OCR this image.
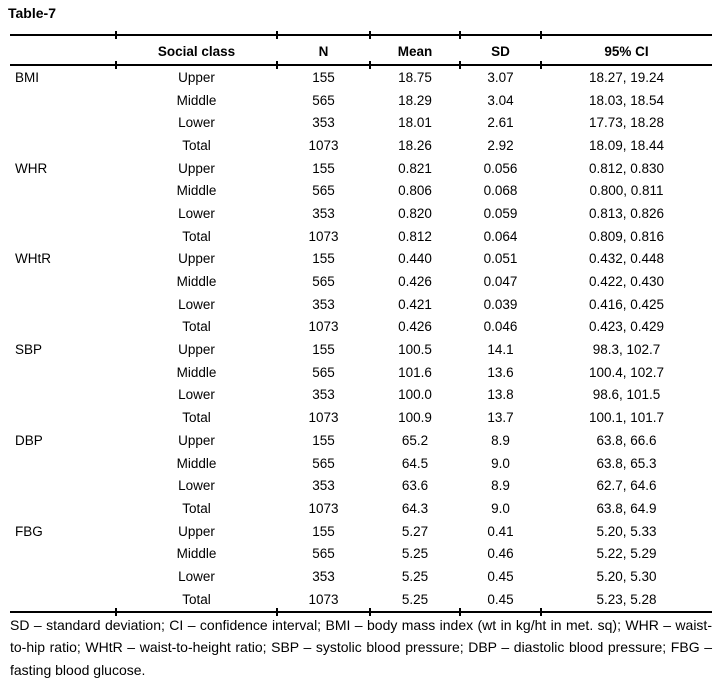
Table-7
	Social class	N	Mean	SD	95% CI
BMI	Upper	155	18.75	3.07	18.27, 19.24
	Middle	565	18.29	3.04	18.03, 18.54
	Lower	353	18.01	2.61	17.73, 18.28
	Total	1073	18.26	2.92	18.09, 18.44
WHR	Upper	155	0.821	0.056	0.812, 0.830
	Middle	565	0.806	0.068	0.800, 0.811
	Lower	353	0.820	0.059	0.813, 0.826
	Total	1073	0.812	0.064	0.809, 0.816
WHtR	Upper	155	0.440	0.051	0.432, 0.448
	Middle	565	0.426	0.047	0.422, 0.430
	Lower	353	0.421	0.039	0.416, 0.425
	Total	1073	0.426	0.046	0.423, 0.429
SBP	Upper	155	100.5	14.1	98.3, 102.7
	Middle	565	101.6	13.6	100.4, 102.7
	Lower	353	100.0	13.8	98.6, 101.5
	Total	1073	100.9	13.7	100.1, 101.7
DBP	Upper	155	65.2	8.9	63.8, 66.6
	Middle	565	64.5	9.0	63.8, 65.3
	Lower	353	63.6	8.9	62.7, 64.6
	Total	1073	64.3	9.0	63.8, 64.9
FBG	Upper	155	5.27	0.41	5.20, 5.33
	Middle	565	5.25	0.46	5.22, 5.29
	Lower	353	5.25	0.45	5.20, 5.30
	Total	1073	5.25	0.45	5.23, 5.28
SD – standard deviation; CI – confidence interval; BMI – body mass index (wt in kg/ht in met. sq); WHR – waist-to-hip ratio; WHtR – waist-to-height ratio; SBP – systolic blood pressure; DBP – diastolic blood pressure; FBG – fasting blood glucose.
